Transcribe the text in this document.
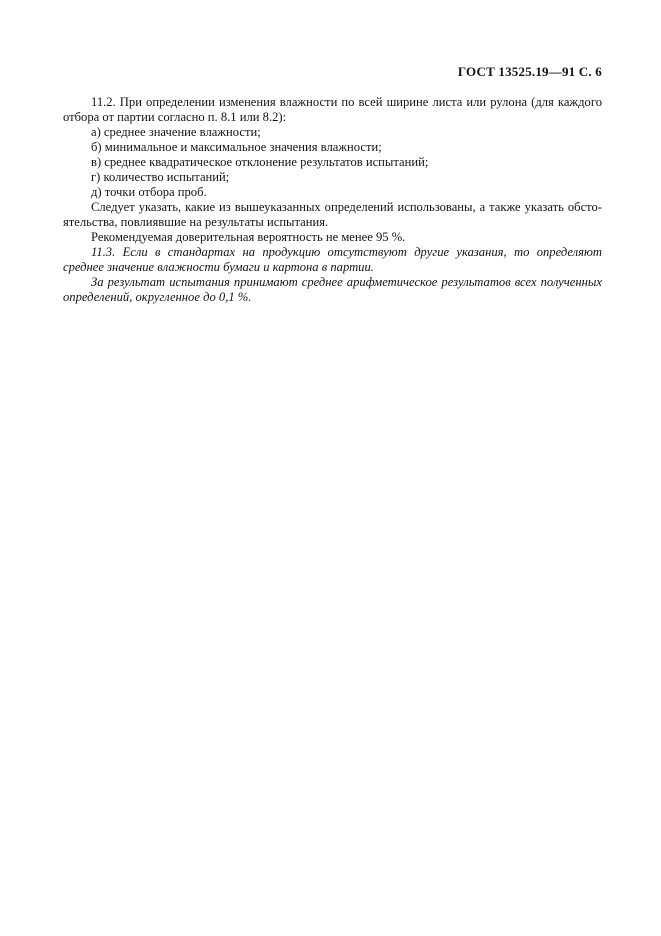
ГОСТ 13525.19—91 С. 6

11.2. При определении изменения влажности по всей ширине листа или рулона (для каждого отбора от партии согласно п. 8.1 или 8.2):

а) среднее значение влажности;

б) минимальное и максимальное значения влажности;

в) среднее квадратическое отклонение результатов испытаний;

г) количество испытаний;

д) точки отбора проб.

Следует указать, какие из вышеуказанных определений использованы, а также указать обстоятельства, повлиявшие на результаты испытания.

Рекомендуемая доверительная вероятность не менее 95 %.

11.3. Если в стандартах на продукцию отсутствуют другие указания, то определяют среднее значение влажности бумаги и картона в партии.

За результат испытания принимают среднее арифметическое результатов всех полученных определений, округленное до 0,1 %.
